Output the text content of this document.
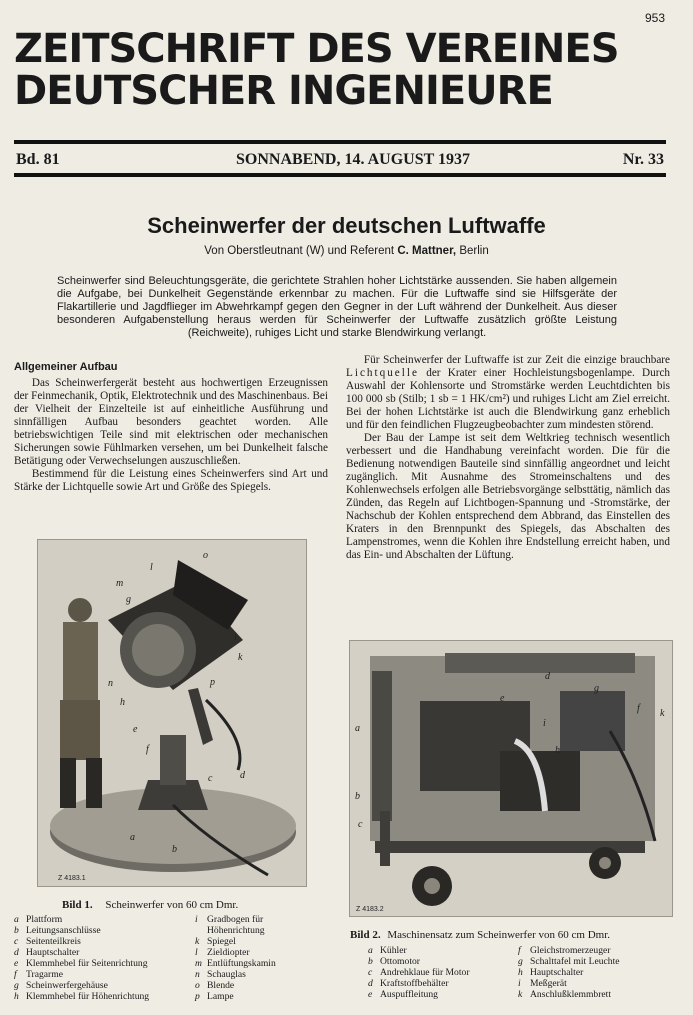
953
ZEITSCHRIFT DES VEREINES
DEUTSCHER INGENIEURE
Bd. 81	SONNABEND, 14. AUGUST 1937	Nr. 33
Scheinwerfer der deutschen Luftwaffe
Von Oberstleutnant (W) und Referent C. Mattner, Berlin
Scheinwerfer sind Beleuchtungsgeräte, die gerichtete Strahlen hoher Lichtstärke aussenden. Sie haben allgemein die Aufgabe, bei Dunkelheit Gegenstände erkennbar zu machen. Für die Luftwaffe sind sie Hilfsgeräte der Flakartillerie und Jagdflieger im Abwehrkampf gegen den Gegner in der Luft während der Dunkelheit. Aus dieser besonderen Aufgabenstellung heraus werden für Scheinwerfer der Luftwaffe zusätzlich größte Leistung (Reichweite), ruhiges Licht und starke Blendwirkung verlangt.
Allgemeiner Aufbau

Das Scheinwerfergerät besteht aus hochwertigen Erzeugnissen der Feinmechanik, Optik, Elektrotechnik und des Maschinenbaus. Bei der Vielheit der Einzelteile ist auf einheitliche Ausführung und sinnfälligen Aufbau besonders geachtet worden. Alle betriebswichtigen Teile sind mit elektrischen oder mechanischen Sicherungen sowie Fühlmarken versehen, um bei Dunkelheit falsche Betätigung oder Verwechselungen auszuschließen.

Bestimmend für die Leistung eines Scheinwerfers sind Art und Stärke der Lichtquelle sowie Art und Größe des Spiegels.

Für Scheinwerfer der Luftwaffe ist zur Zeit die einzige brauchbare Lichtquelle der Krater einer Hochleistungsbogenlampe. Durch Auswahl der Kohlensorte und Stromstärke werden Leuchtdichten bis 100 000 sb (Stilb; 1 sb = 1 HK/cm²) und ruhiges Licht am Ziel erreicht. Bei der hohen Lichtstärke ist auch die Blendwirkung ganz erheblich und für den feindlichen Flugzeugbeobachter zum mindesten störend.

Der Bau der Lampe ist seit dem Weltkrieg technisch wesentlich verbessert und die Handhabung vereinfacht worden. Die für die Bedienung notwendigen Bauteile sind sinnfällig angeordnet und leicht zugänglich. Mit Ausnahme des Stromeinschaltens und des Kohlenwechsels erfolgen alle Betriebsvorgänge selbsttätig, nämlich das Zünden, das Regeln auf Lichtbogen-Spannung und -Stromstärke, der Nachschub der Kohlen entsprechend dem Abbrand, das Einstellen des Kraters in den Brennpunkt des Spiegels, das Abschalten des Lampenstromes, wenn die Kohlen ihre Endstellung erreicht haben, und das Ein- und Abschalten der Lüftung.

o
l
m
g
i
n
k
p
h
e
f
d
c
a
b
Z 4183.1
d
a
g
f
e
i
h
k
b
c
Z 4183.2
Bild 1. Scheinwerfer von 60 cm Dmr.
a Plattform
b Leitungsanschlüsse
c Seitenteilkreis
d Hauptschalter
e Klemmhebel für Seitenrichtung
f Tragarme
g Scheinwerfergehäuse
h Klemmhebel für Höhenrichtung
i Gradbogen für
Höhenrichtung
k Spiegel
l Zieldiopter
m Entlüftungskamin
n Schauglas
o Blende
p Lampe
Bild 2. Maschinensatz zum Scheinwerfer von 60 cm Dmr.
a Kühler
b Ottomotor
c Andrehklaue für Motor
d Kraftstoffbehälter
e Auspuffleitung
f Gleichstromerzeuger
g Schalttafel mit Leuchte
h Hauptschalter
i Meßgerät
k Anschlußklemmbrett
